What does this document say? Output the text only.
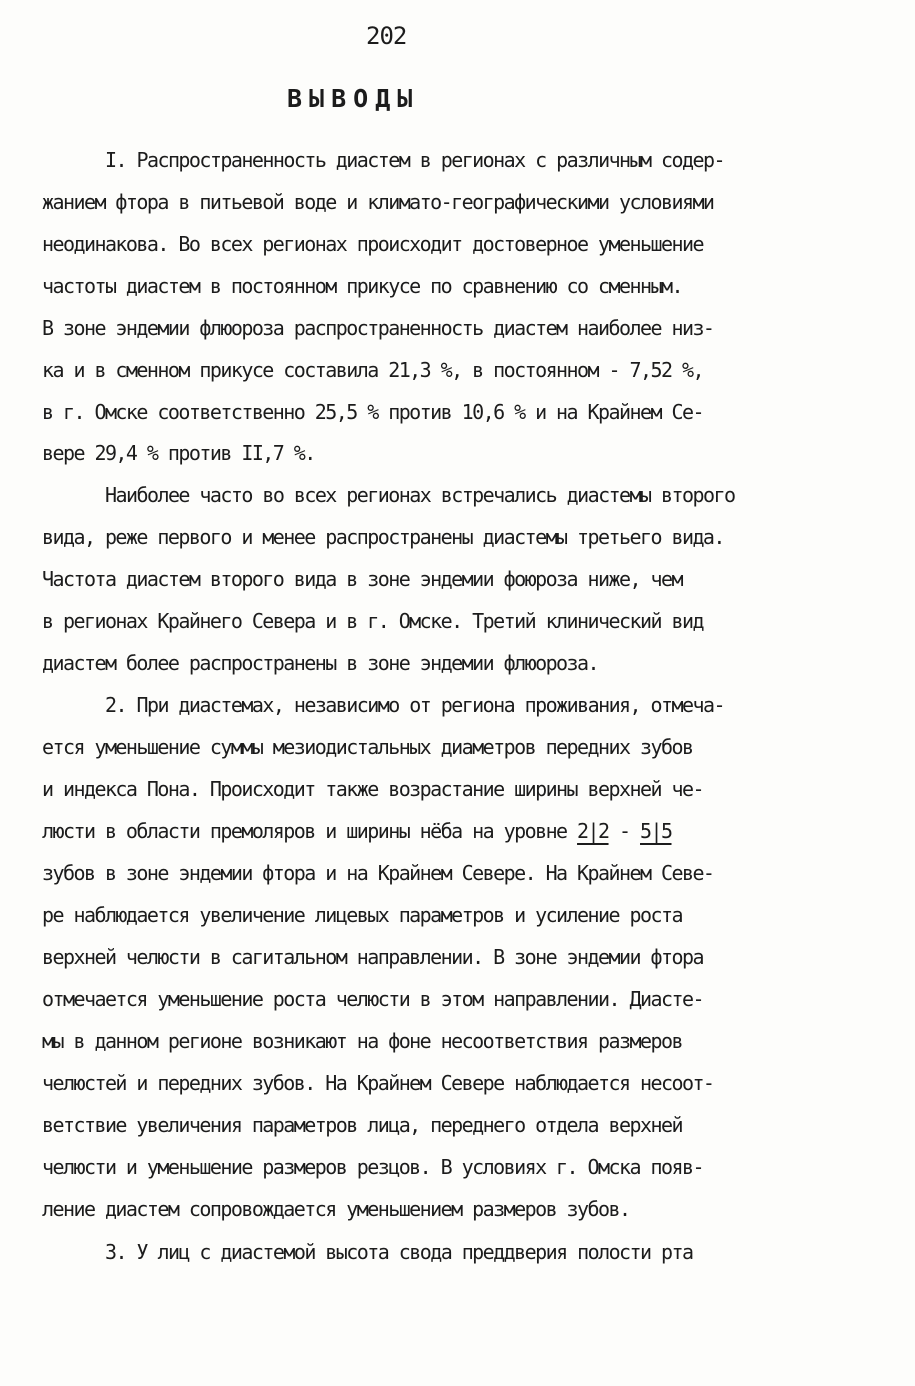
202
ВЫВОДЫ
I. Распространенность диастем в регионах с различным содер-
жанием фтора в питьевой воде и климато-географическими условиями
неодинакова. Во всех регионах происходит достоверное уменьшение
частоты диастем в постоянном прикусе по сравнению со сменным.
В зоне эндемии флюороза распространенность диастем наиболее низ-
ка и в сменном прикусе составила 21,3 %, в постоянном - 7,52 %,
в г. Омске соответственно 25,5 % против 10,6 % и на Крайнем Се-
вере 29,4 % против II,7 %.
Наиболее часто во всех регионах встречались диастемы второго
вида, реже первого и менее распространены диастемы третьего вида.
Частота диастем второго вида в зоне эндемии фоюроза ниже, чем
в регионах Крайнего Севера и в г. Омске. Третий клинический вид
диастем более распространены в зоне эндемии флюороза.
2. При диастемах, независимо от региона проживания, отмеча-
ется уменьшение суммы мезиодистальных диаметров передних зубов
и индекса Пона. Происходит также возрастание ширины верхней че-
люсти в области премоляров и ширины нёба на уровне 2|2 - 5|5
зубов в зоне эндемии фтора и на Крайнем Севере. На Крайнем Севе-
ре наблюдается увеличение лицевых параметров и усиление роста
верхней челюсти в сагитальном направлении. В зоне эндемии фтора
отмечается уменьшение роста челюсти в этом направлении. Диасте-
мы в данном регионе возникают на фоне несоответствия размеров
челюстей и передних зубов. На Крайнем Севере наблюдается несоот-
ветствие увеличения параметров лица, переднего отдела верхней
челюсти и уменьшение размеров резцов. В условиях г. Омска появ-
ление диастем сопровождается уменьшением размеров зубов.
3. У лиц с диастемой высота свода преддверия полости рта
